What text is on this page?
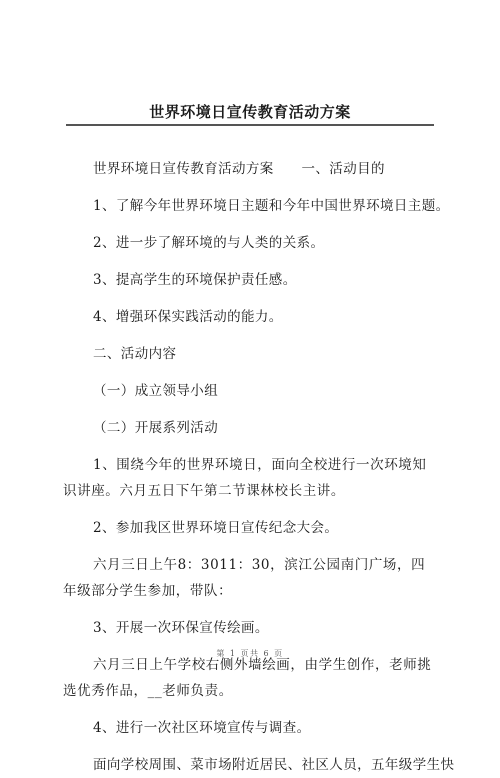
世界环境日宣传教育活动方案

世界环境日宣传教育活动方案　　一、活动目的

1、了解今年世界环境日主题和今年中国世界环境日主题。

2、进一步了解环境的与人类的关系。

3、提高学生的环境保护责任感。

4、增强环保实践活动的能力。

二、活动内容

（一）成立领导小组

（二）开展系列活动

1、围绕今年的世界环境日，面向全校进行一次环境知识讲座。六月五日下午第二节课林校长主讲。

2、参加我区世界环境日宣传纪念大会。

六月三日上午8：3011：30，滨江公园南门广场，四年级部分学生参加，带队：

3、开展一次环保宣传绘画。

六月三日上午学校右侧外墙绘画，由学生创作，老师挑选优秀作品，__老师负责。

4、进行一次社区环境宣传与调查。

面向学校周围、菜市场附近居民、社区人员，五年级学生快

第 1 页共 6 页
